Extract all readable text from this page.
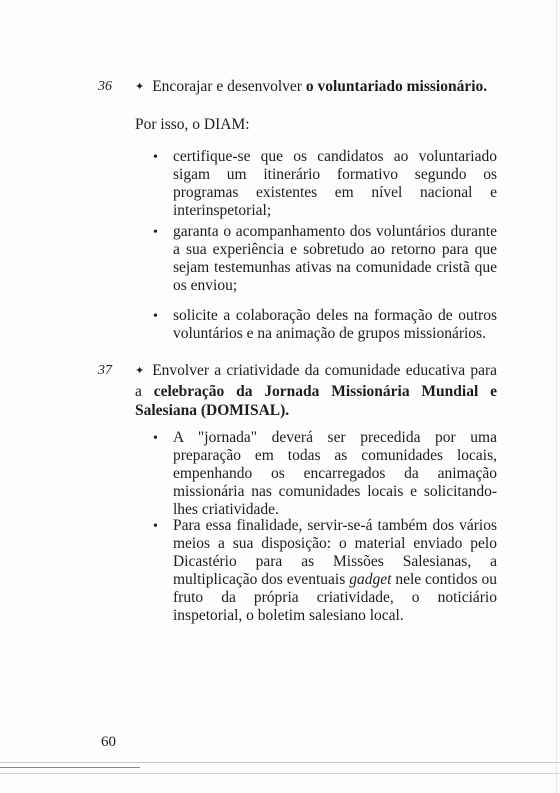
36 ✦ Encorajar e desenvolver o voluntariado missionário.
Por isso, o DIAM:
• certifique-se que os candidatos ao voluntariado sigam um itinerário formativo segundo os programas existentes em nível nacional e interinspetorial;
• garanta o acompanhamento dos voluntários durante a sua experiência e sobretudo ao retorno para que sejam testemunhas ativas na comunidade cristã que os enviou;
• solicite a colaboração deles na formação de outros voluntários e na animação de grupos missionários.
37 ✦ Envolver a criatividade da comunidade educativa para a celebração da Jornada Missionária Mundial e Salesiana (DOMISAL).
• A "jornada" deverá ser precedida por uma preparação em todas as comunidades locais, empenhando os encarregados da animação missionária nas comunidades locais e solicitando-lhes criatividade.
• Para essa finalidade, servir-se-á também dos vários meios a sua disposição: o material enviado pelo Dicastério para as Missões Salesianas, a multiplicação dos eventuais gadget nele contidos ou fruto da própria criatividade, o noticiário inspetorial, o boletim salesiano local.
60
